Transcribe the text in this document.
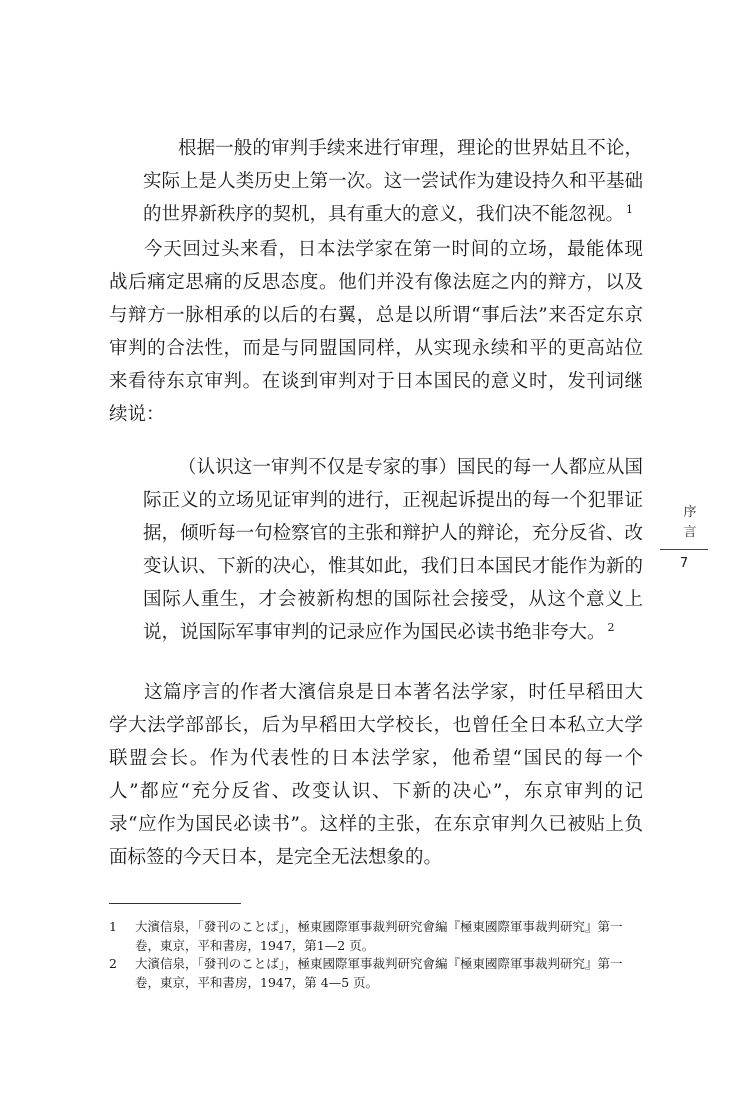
根据一般的审判手续来进行审理，理论的世界姑且不论，实际上是人类历史上第一次。这一尝试作为建设持久和平基础的世界新秩序的契机，具有重大的意义，我们决不能忽视。 $^1$

今天回过头来看，日本法学家在第一时间的立场，最能体现战后痛定思痛的反思态度。他们并没有像法庭之内的辩方，以及与辩方一脉相承的以后的右翼，总是以所谓“事后法”来否定东京审判的合法性，而是与同盟国同样，从实现永续和平的更高站位来看待东京审判。在谈到审判对于日本国民的意义时，发刊词继续说：

（认识这一审判不仅是专家的事）国民的每一人都应从国际正义的立场见证审判的进行，正视起诉提出的每一个犯罪证据，倾听每一句检察官的主张和辩护人的辩论，充分反省、改变认识、下新的决心，惟其如此，我们日本国民才能作为新的国际人重生，才会被新构想的国际社会接受，从这个意义上说，说国际军事审判的记录应作为国民必读书绝非夸大。 $^2$

这篇序言的作者大濱信泉是日本著名法学家，时任早稻田大学大法学部部长，后为早稻田大学校长，也曾任全日本私立大学联盟会长。作为代表性的日本法学家，他希望“国民的每一个人”都应“充分反省、改变认识、下新的决心”，东京审判的记录“应作为国民必读书”。这样的主张，在东京审判久已被贴上负面标签的今天日本，是完全无法想象的。

1	大濱信泉，「發刊のことば」，極東國際軍事裁判研究會編『極東國際軍事裁判研究』第一卷，東京，平和書房，1947，第1—2 页。

2	大濱信泉，「發刊のことば」，極東國際軍事裁判研究會編『極東國際軍事裁判研究』第一卷，東京，平和書房，1947，第 4—5 页。

序
言
7
